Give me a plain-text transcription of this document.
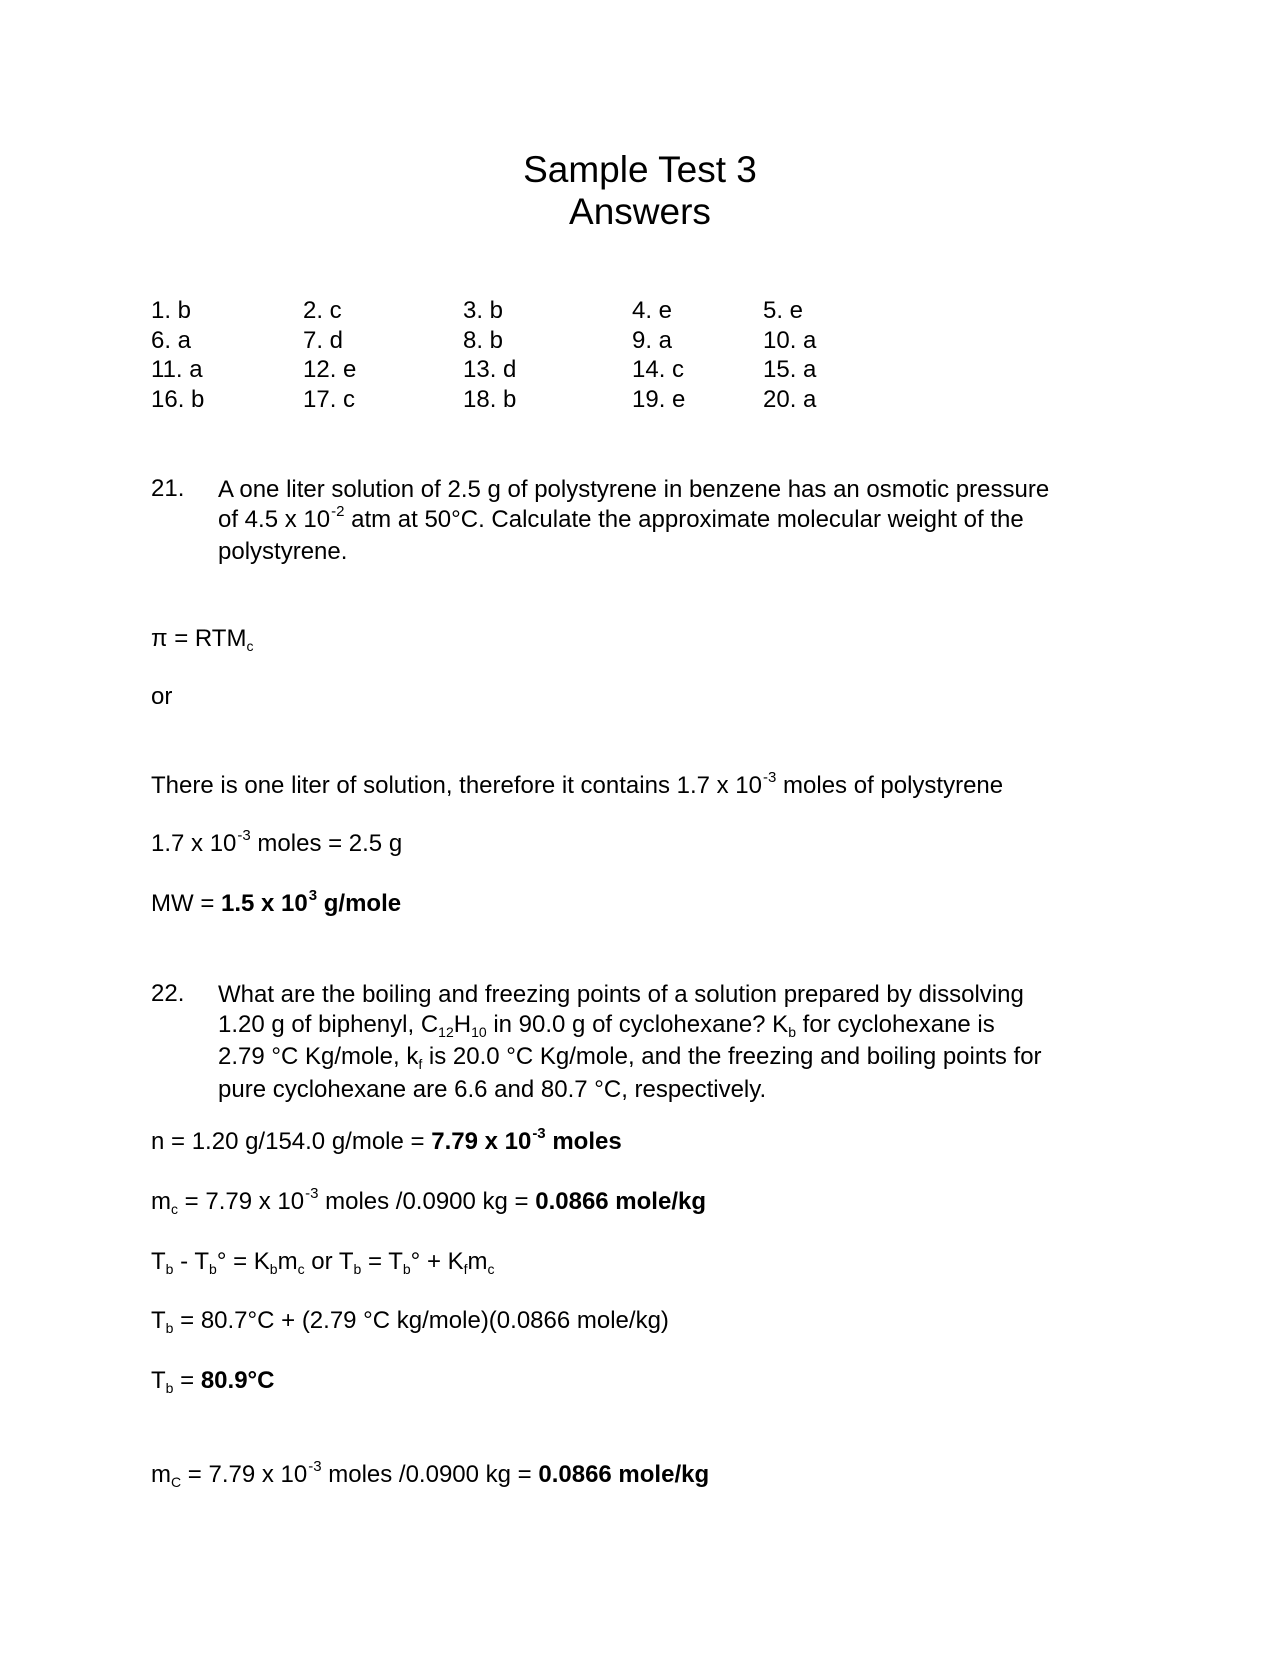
Sample Test 3
Answers
1. b	2. c	3. b	4. e	5. e
6. a	7. d	8. b	9. a	10. a
11. a	12. e	13. d	14. c	15. a
16. b	17. c	18. b	19. e	20. a
21. A one liter solution of 2.5 g of polystyrene in benzene has an osmotic pressure
of 4.5 x $10^{-2}$ atm at 50°C. Calculate the approximate molecular weight of the
polystyrene.
$\pi = RTM_c$
or
There is one liter of solution, therefore it contains 1.7 x $10^{-3}$ moles of polystyrene
1.7 x $10^{-3}$ moles = 2.5 g
MW = 1.5 x $10^3$ g/mole
22. What are the boiling and freezing points of a solution prepared by dissolving
1.20 g of biphenyl, $C_{12}H_{10}$ in 90.0 g of cyclohexane? $K_b$ for cyclohexane is
2.79 °C Kg/mole, $k_f$ is 20.0 °C Kg/mole, and the freezing and boiling points for
pure cyclohexane are 6.6 and 80.7 °C, respectively.
n = 1.20 g/154.0 g/mole = 7.79 x $10^{-3}$ moles
$m_c = 7.79$ x $10^{-3}$ moles /0.0900 kg = 0.0866 mole/kg
$T_b - T_b^\circ = K_bm_c$ or $T_b = T_b^\circ + K_fm_c$
$T_b = 80.7^\circ C + (2.79$ °C kg/mole)(0.0866 mole/kg)
$T_b = 80.9^\circ C$
$m_C = 7.79$ x $10^{-3}$ moles /0.0900 kg = 0.0866 mole/kg
